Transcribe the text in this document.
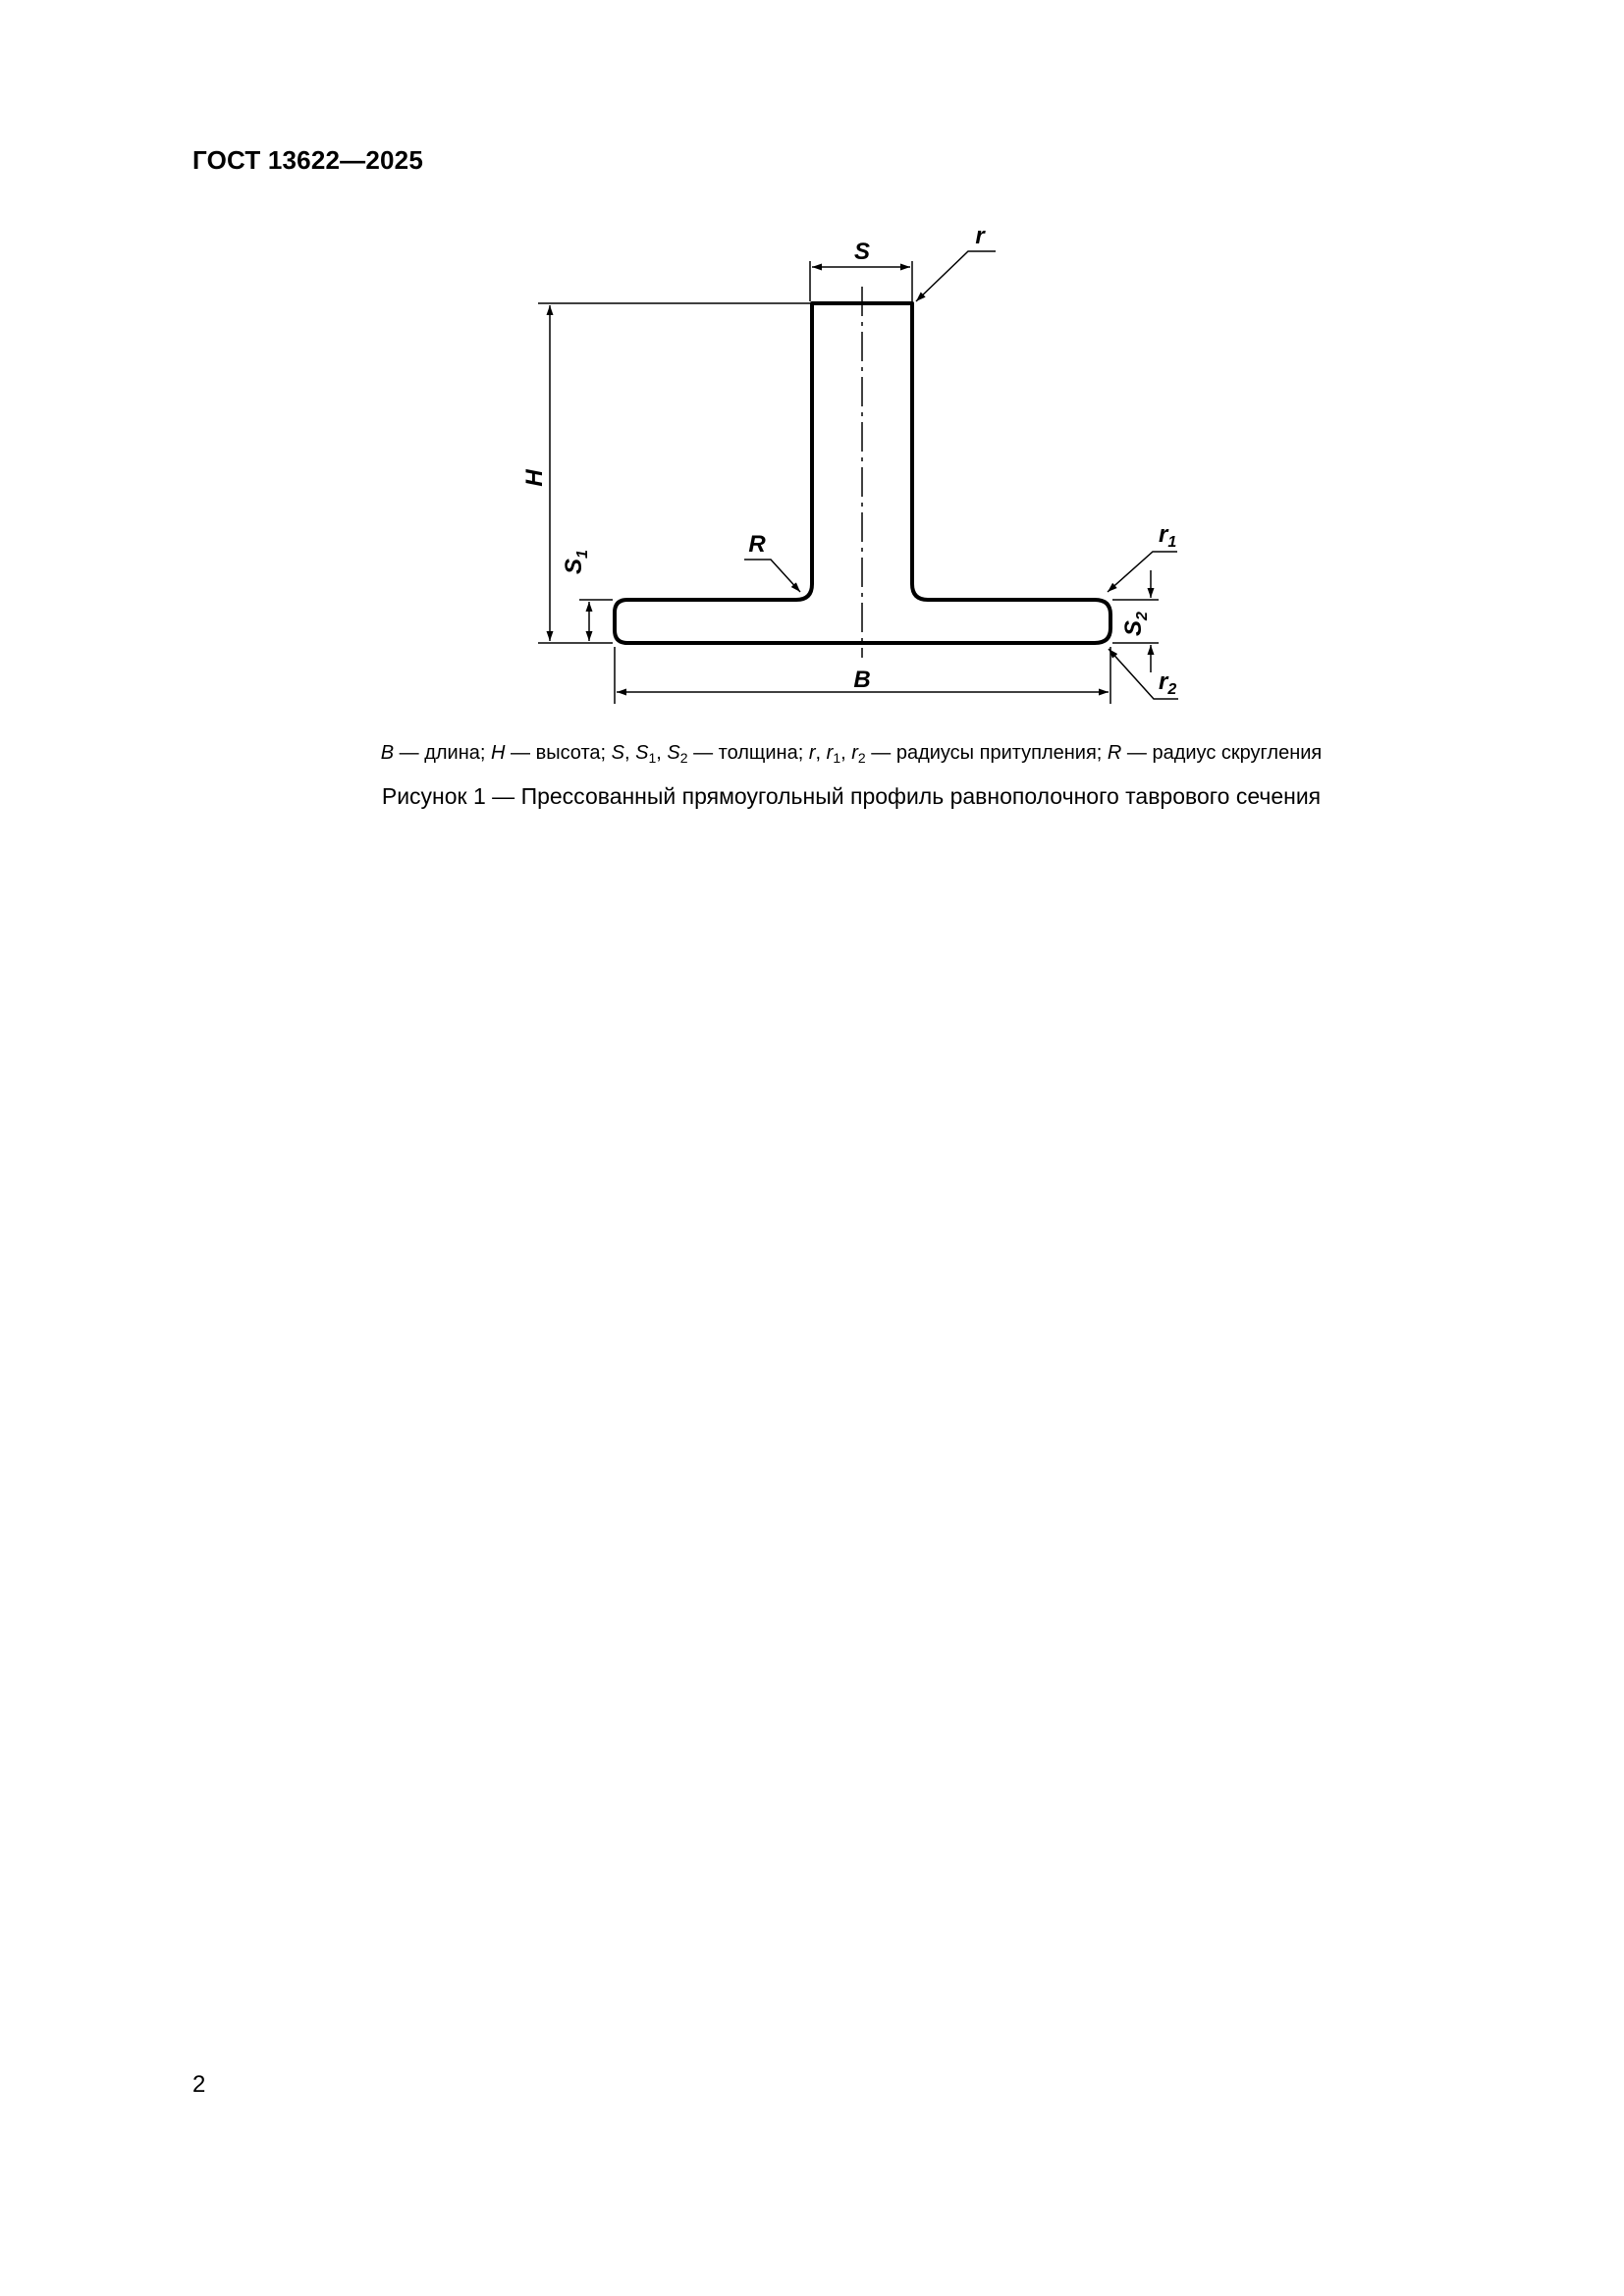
ГОСТ 13622—2025
S
r
H
$S_1$	R	$r_1$
$S_2$
$r_2$
B
B — длина; H — высота; S, $S_1$, $S_2$ — толщина; r, $r_1$, $r_2$ — радиусы притупления; R — радиус скругления
Рисунок 1 — Прессованный прямоугольный профиль равнополочного таврового сечения
2
